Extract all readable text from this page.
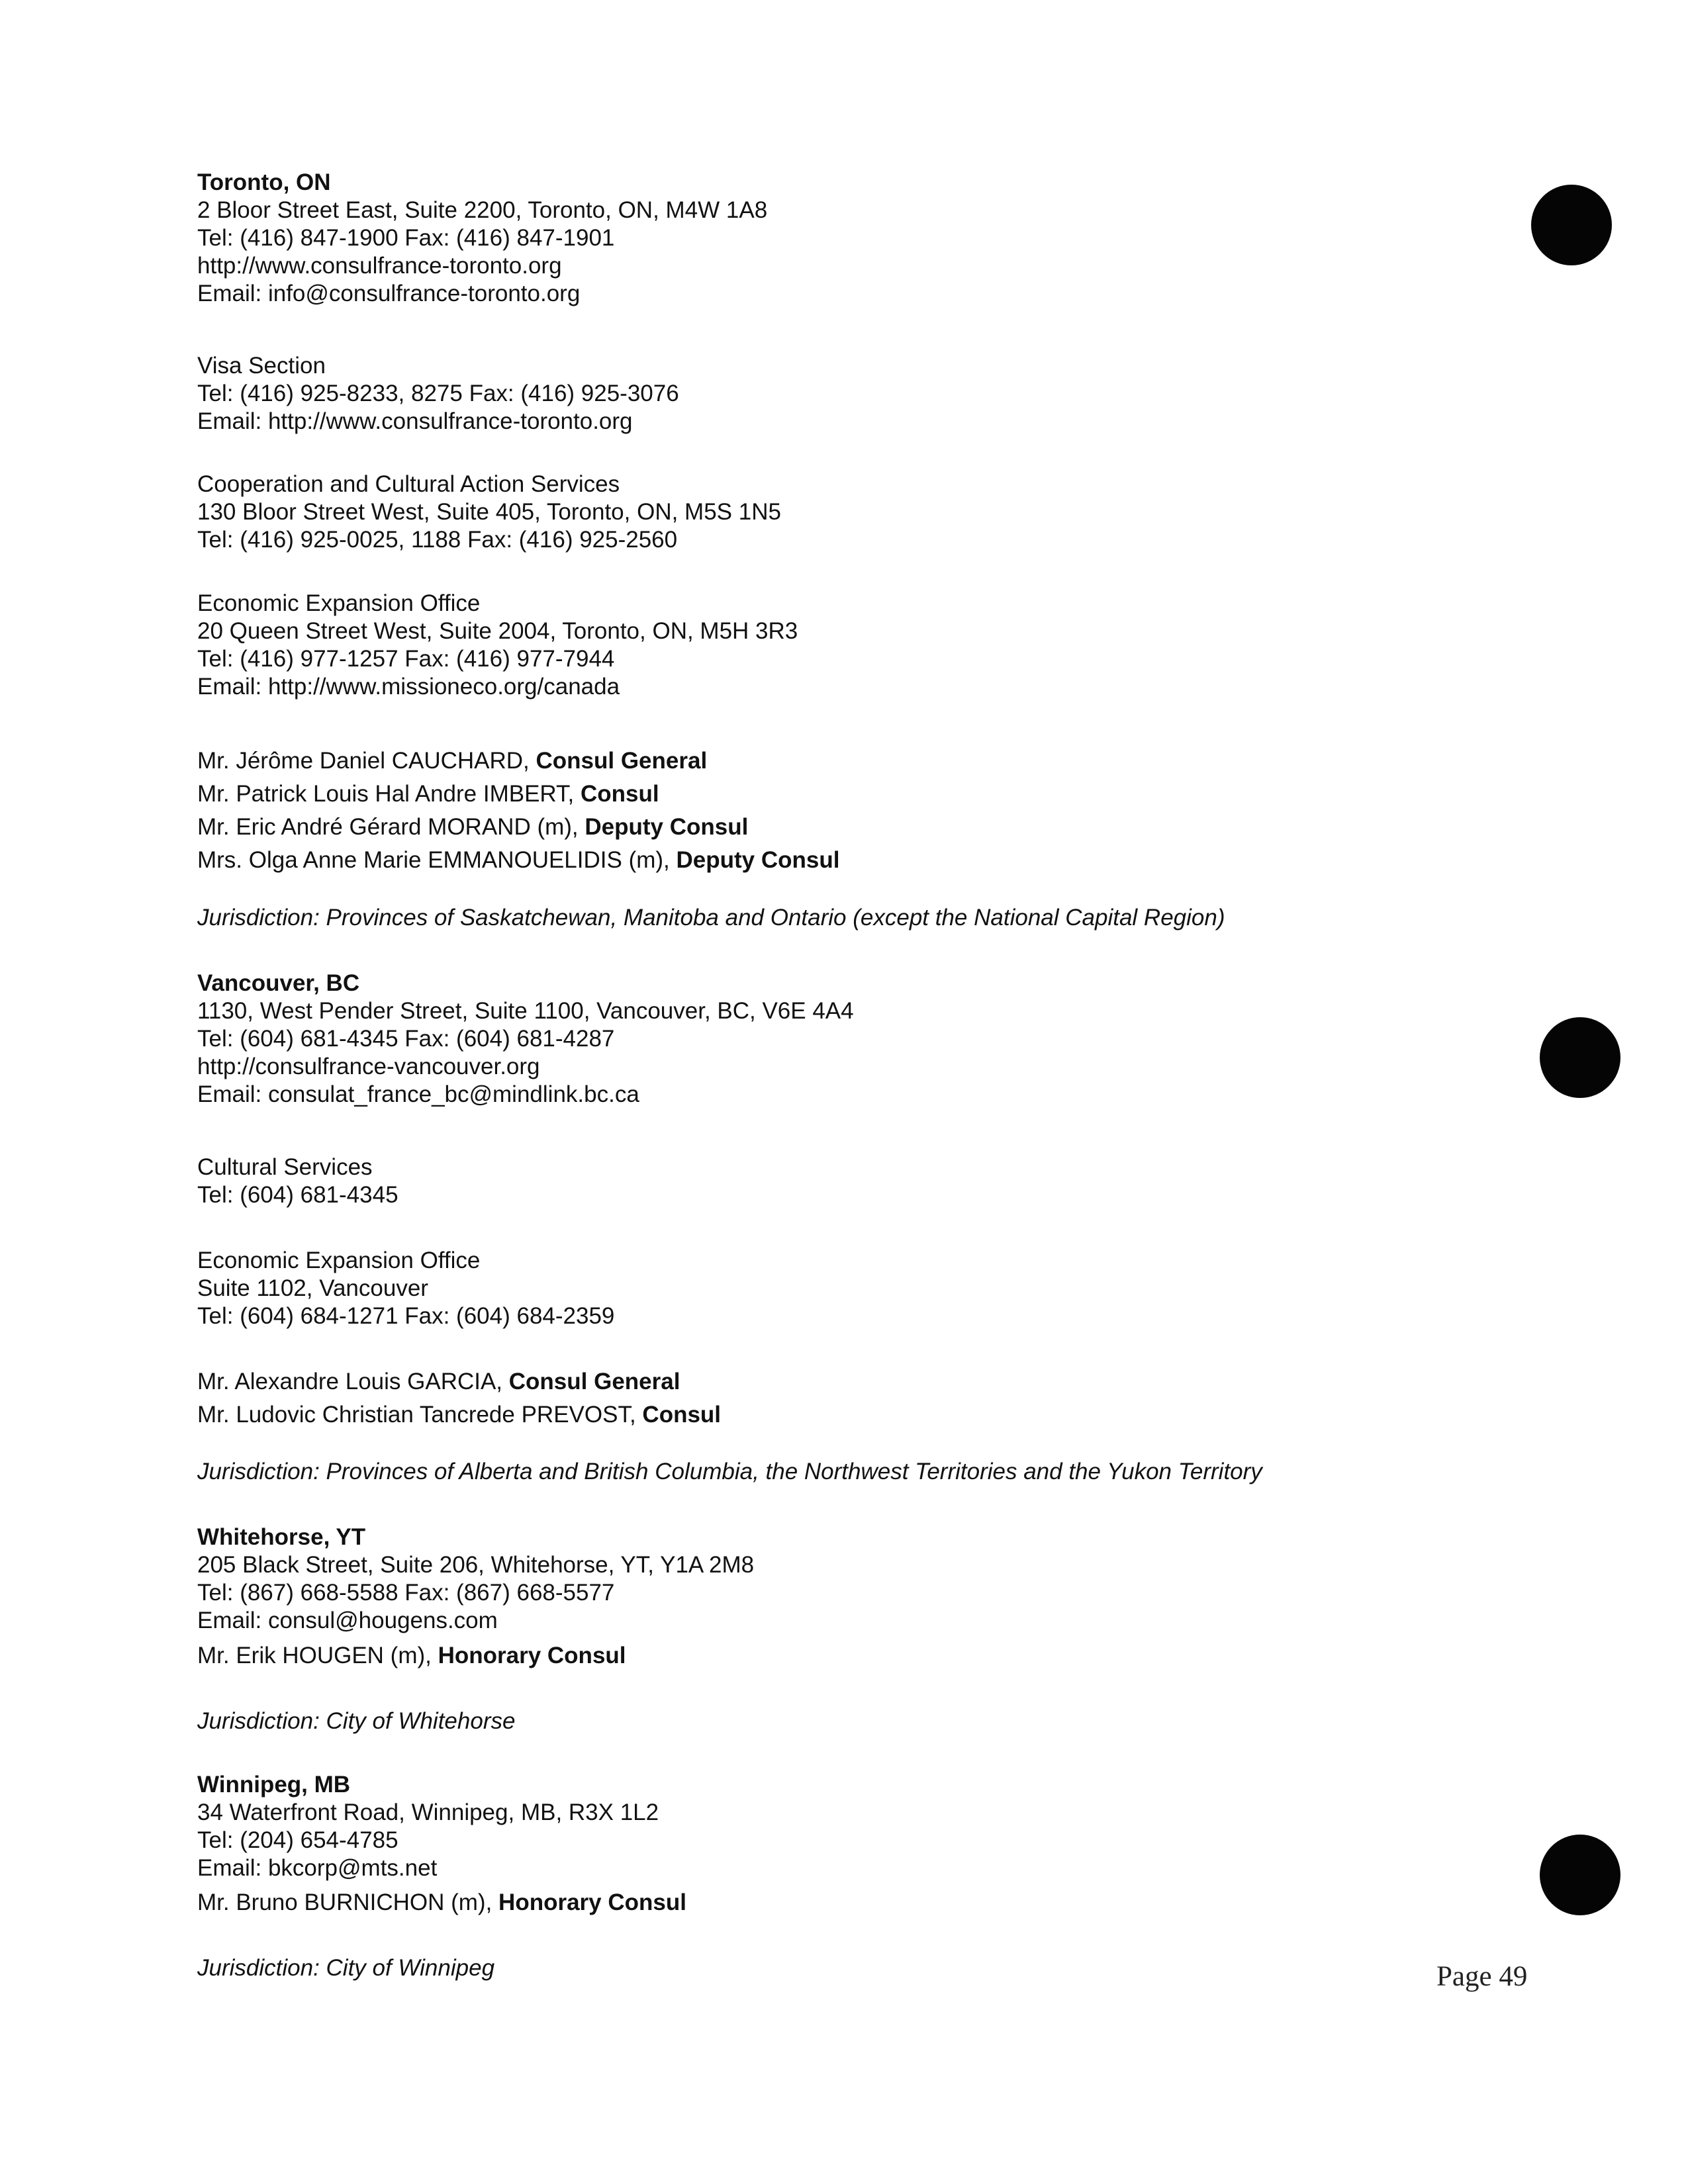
Toronto, ON
2 Bloor Street East, Suite 2200, Toronto, ON, M4W 1A8
Tel: (416) 847-1900 Fax: (416) 847-1901
http://www.consulfrance-toronto.org
Email: info@consulfrance-toronto.org
Visa Section
Tel: (416) 925-8233, 8275 Fax: (416) 925-3076
Email: http://www.consulfrance-toronto.org
Cooperation and Cultural Action Services
130 Bloor Street West, Suite 405, Toronto, ON, M5S 1N5
Tel: (416) 925-0025, 1188 Fax: (416) 925-2560
Economic Expansion Office
20 Queen Street West, Suite 2004, Toronto, ON, M5H 3R3
Tel: (416) 977-1257 Fax: (416) 977-7944
Email: http://www.missioneco.org/canada
Mr. Jérôme Daniel CAUCHARD, Consul General
Mr. Patrick Louis Hal Andre IMBERT, Consul
Mr. Eric André Gérard MORAND (m), Deputy Consul
Mrs. Olga Anne Marie EMMANOUELIDIS (m), Deputy Consul
Jurisdiction: Provinces of Saskatchewan, Manitoba and Ontario (except the National Capital Region)
Vancouver, BC
1130, West Pender Street, Suite 1100, Vancouver, BC, V6E 4A4
Tel: (604) 681-4345 Fax: (604) 681-4287
http://consulfrance-vancouver.org
Email: consulat_france_bc@mindlink.bc.ca
Cultural Services
Tel: (604) 681-4345
Economic Expansion Office
Suite 1102, Vancouver
Tel: (604) 684-1271 Fax: (604) 684-2359
Mr. Alexandre Louis GARCIA, Consul General
Mr. Ludovic Christian Tancrede PREVOST, Consul
Jurisdiction: Provinces of Alberta and British Columbia, the Northwest Territories and the Yukon Territory
Whitehorse, YT
205 Black Street, Suite 206, Whitehorse, YT, Y1A 2M8
Tel: (867) 668-5588 Fax: (867) 668-5577
Email: consul@hougens.com
Mr. Erik HOUGEN (m), Honorary Consul
Jurisdiction: City of Whitehorse
Winnipeg, MB
34 Waterfront Road, Winnipeg, MB, R3X 1L2
Tel: (204) 654-4785
Email: bkcorp@mts.net
Mr. Bruno BURNICHON (m), Honorary Consul
Jurisdiction: City of Winnipeg	Page 49
